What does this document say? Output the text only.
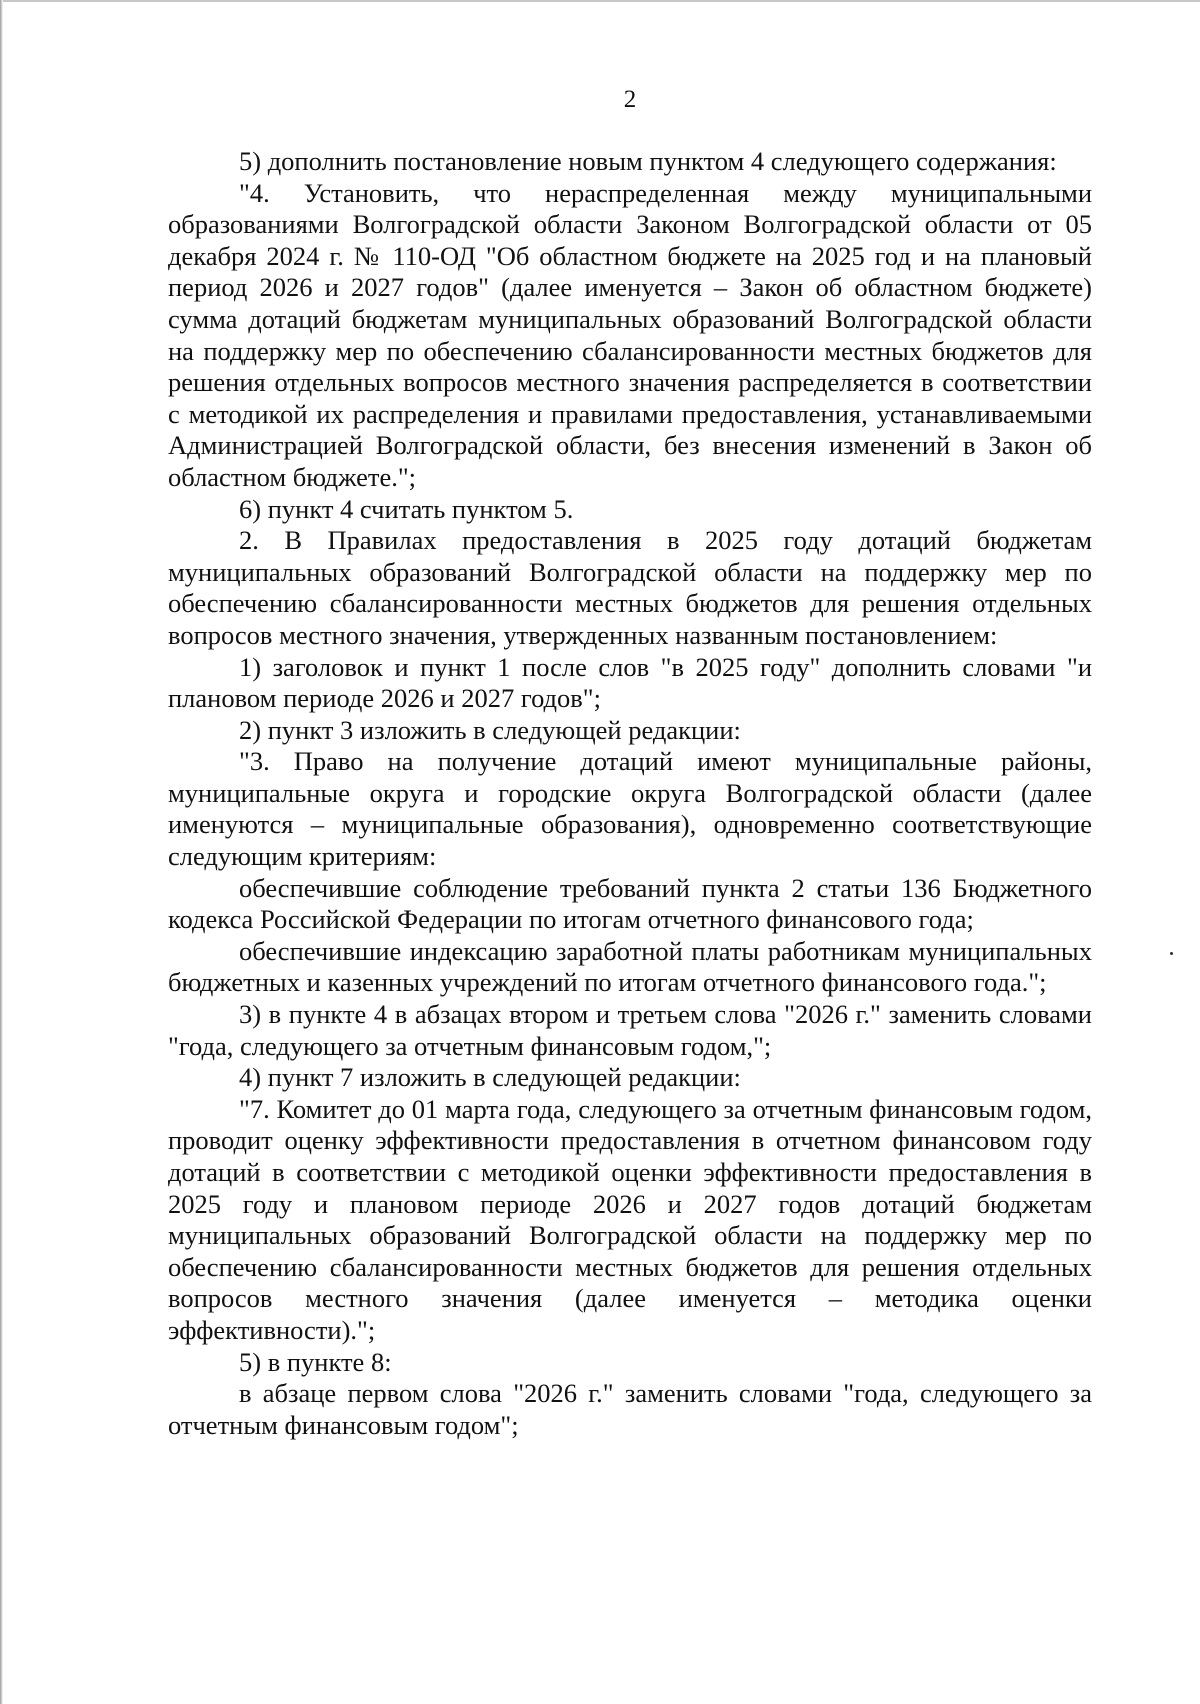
2

5) дополнить постановление новым пунктом 4 следующего содержания:

"4. Установить, что нераспределенная между муниципальными образованиями Волгоградской области Законом Волгоградской области от 05 декабря 2024 г. № 110-ОД "Об областном бюджете на 2025 год и на плановый период 2026 и 2027 годов" (далее именуется – Закон об областном бюджете) сумма дотаций бюджетам муниципальных образований Волгоградской области на поддержку мер по обеспечению сбалансированности местных бюджетов для решения отдельных вопросов местного значения распределяется в соответствии с методикой их распределения и правилами предоставления, устанавливаемыми Администрацией Волгоградской области, без внесения изменений в Закон об областном бюджете.";

6) пункт 4 считать пунктом 5.

2. В Правилах предоставления в 2025 году дотаций бюджетам муниципальных образований Волгоградской области на поддержку мер по обеспечению сбалансированности местных бюджетов для решения отдельных вопросов местного значения, утвержденных названным постановлением:

1) заголовок и пункт 1 после слов "в 2025 году" дополнить словами "и плановом периоде 2026 и 2027 годов";

2) пункт 3 изложить в следующей редакции:

"3. Право на получение дотаций имеют муниципальные районы, муниципальные округа и городские округа Волгоградской области (далее именуются – муниципальные образования), одновременно соответствующие следующим критериям:

обеспечившие соблюдение требований пункта 2 статьи 136 Бюджетного кодекса Российской Федерации по итогам отчетного финансового года;

обеспечившие индексацию заработной платы работникам муниципальных бюджетных и казенных учреждений по итогам отчетного финансового года.";

3) в пункте 4 в абзацах втором и третьем слова "2026 г." заменить словами "года, следующего за отчетным финансовым годом,";

4) пункт 7 изложить в следующей редакции:

"7. Комитет до 01 марта года, следующего за отчетным финансовым годом, проводит оценку эффективности предоставления в отчетном финансовом году дотаций в соответствии с методикой оценки эффективности предоставления в 2025 году и плановом периоде 2026 и 2027 годов дотаций бюджетам муниципальных образований Волгоградской области на поддержку мер по обеспечению сбалансированности местных бюджетов для решения отдельных вопросов местного значения (далее именуется – методика оценки эффективности).";

5) в пункте 8:

в абзаце первом слова "2026 г." заменить словами "года, следующего за отчетным финансовым годом";
